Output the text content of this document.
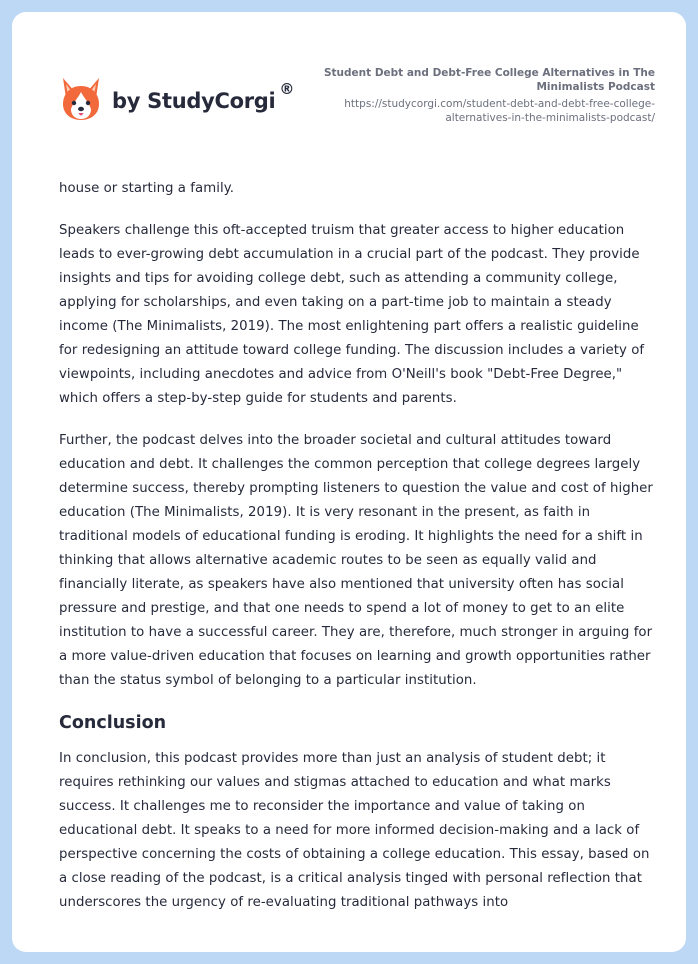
by StudyCorgi ®
Student Debt and Debt-Free College Alternatives in The Minimalists Podcast
https://studycorgi.com/student-debt-and-debt-free-college-alternatives-in-the-minimalists-podcast/

house or starting a family.

Speakers challenge this oft-accepted truism that greater access to higher education leads to ever-growing debt accumulation in a crucial part of the podcast. They provide insights and tips for avoiding college debt, such as attending a community college, applying for scholarships, and even taking on a part-time job to maintain a steady income (The Minimalists, 2019). The most enlightening part offers a realistic guideline for redesigning an attitude toward college funding. The discussion includes a variety of viewpoints, including anecdotes and advice from O'Neill's book "Debt-Free Degree," which offers a step-by-step guide for students and parents.

Further, the podcast delves into the broader societal and cultural attitudes toward education and debt. It challenges the common perception that college degrees largely determine success, thereby prompting listeners to question the value and cost of higher education (The Minimalists, 2019). It is very resonant in the present, as faith in traditional models of educational funding is eroding. It highlights the need for a shift in thinking that allows alternative academic routes to be seen as equally valid and financially literate, as speakers have also mentioned that university often has social pressure and prestige, and that one needs to spend a lot of money to get to an elite institution to have a successful career. They are, therefore, much stronger in arguing for a more value-driven education that focuses on learning and growth opportunities rather than the status symbol of belonging to a particular institution.

Conclusion

In conclusion, this podcast provides more than just an analysis of student debt; it requires rethinking our values and stigmas attached to education and what marks success. It challenges me to reconsider the importance and value of taking on educational debt. It speaks to a need for more informed decision-making and a lack of perspective concerning the costs of obtaining a college education. This essay, based on a close reading of the podcast, is a critical analysis tinged with personal reflection that underscores the urgency of re-evaluating traditional pathways into
